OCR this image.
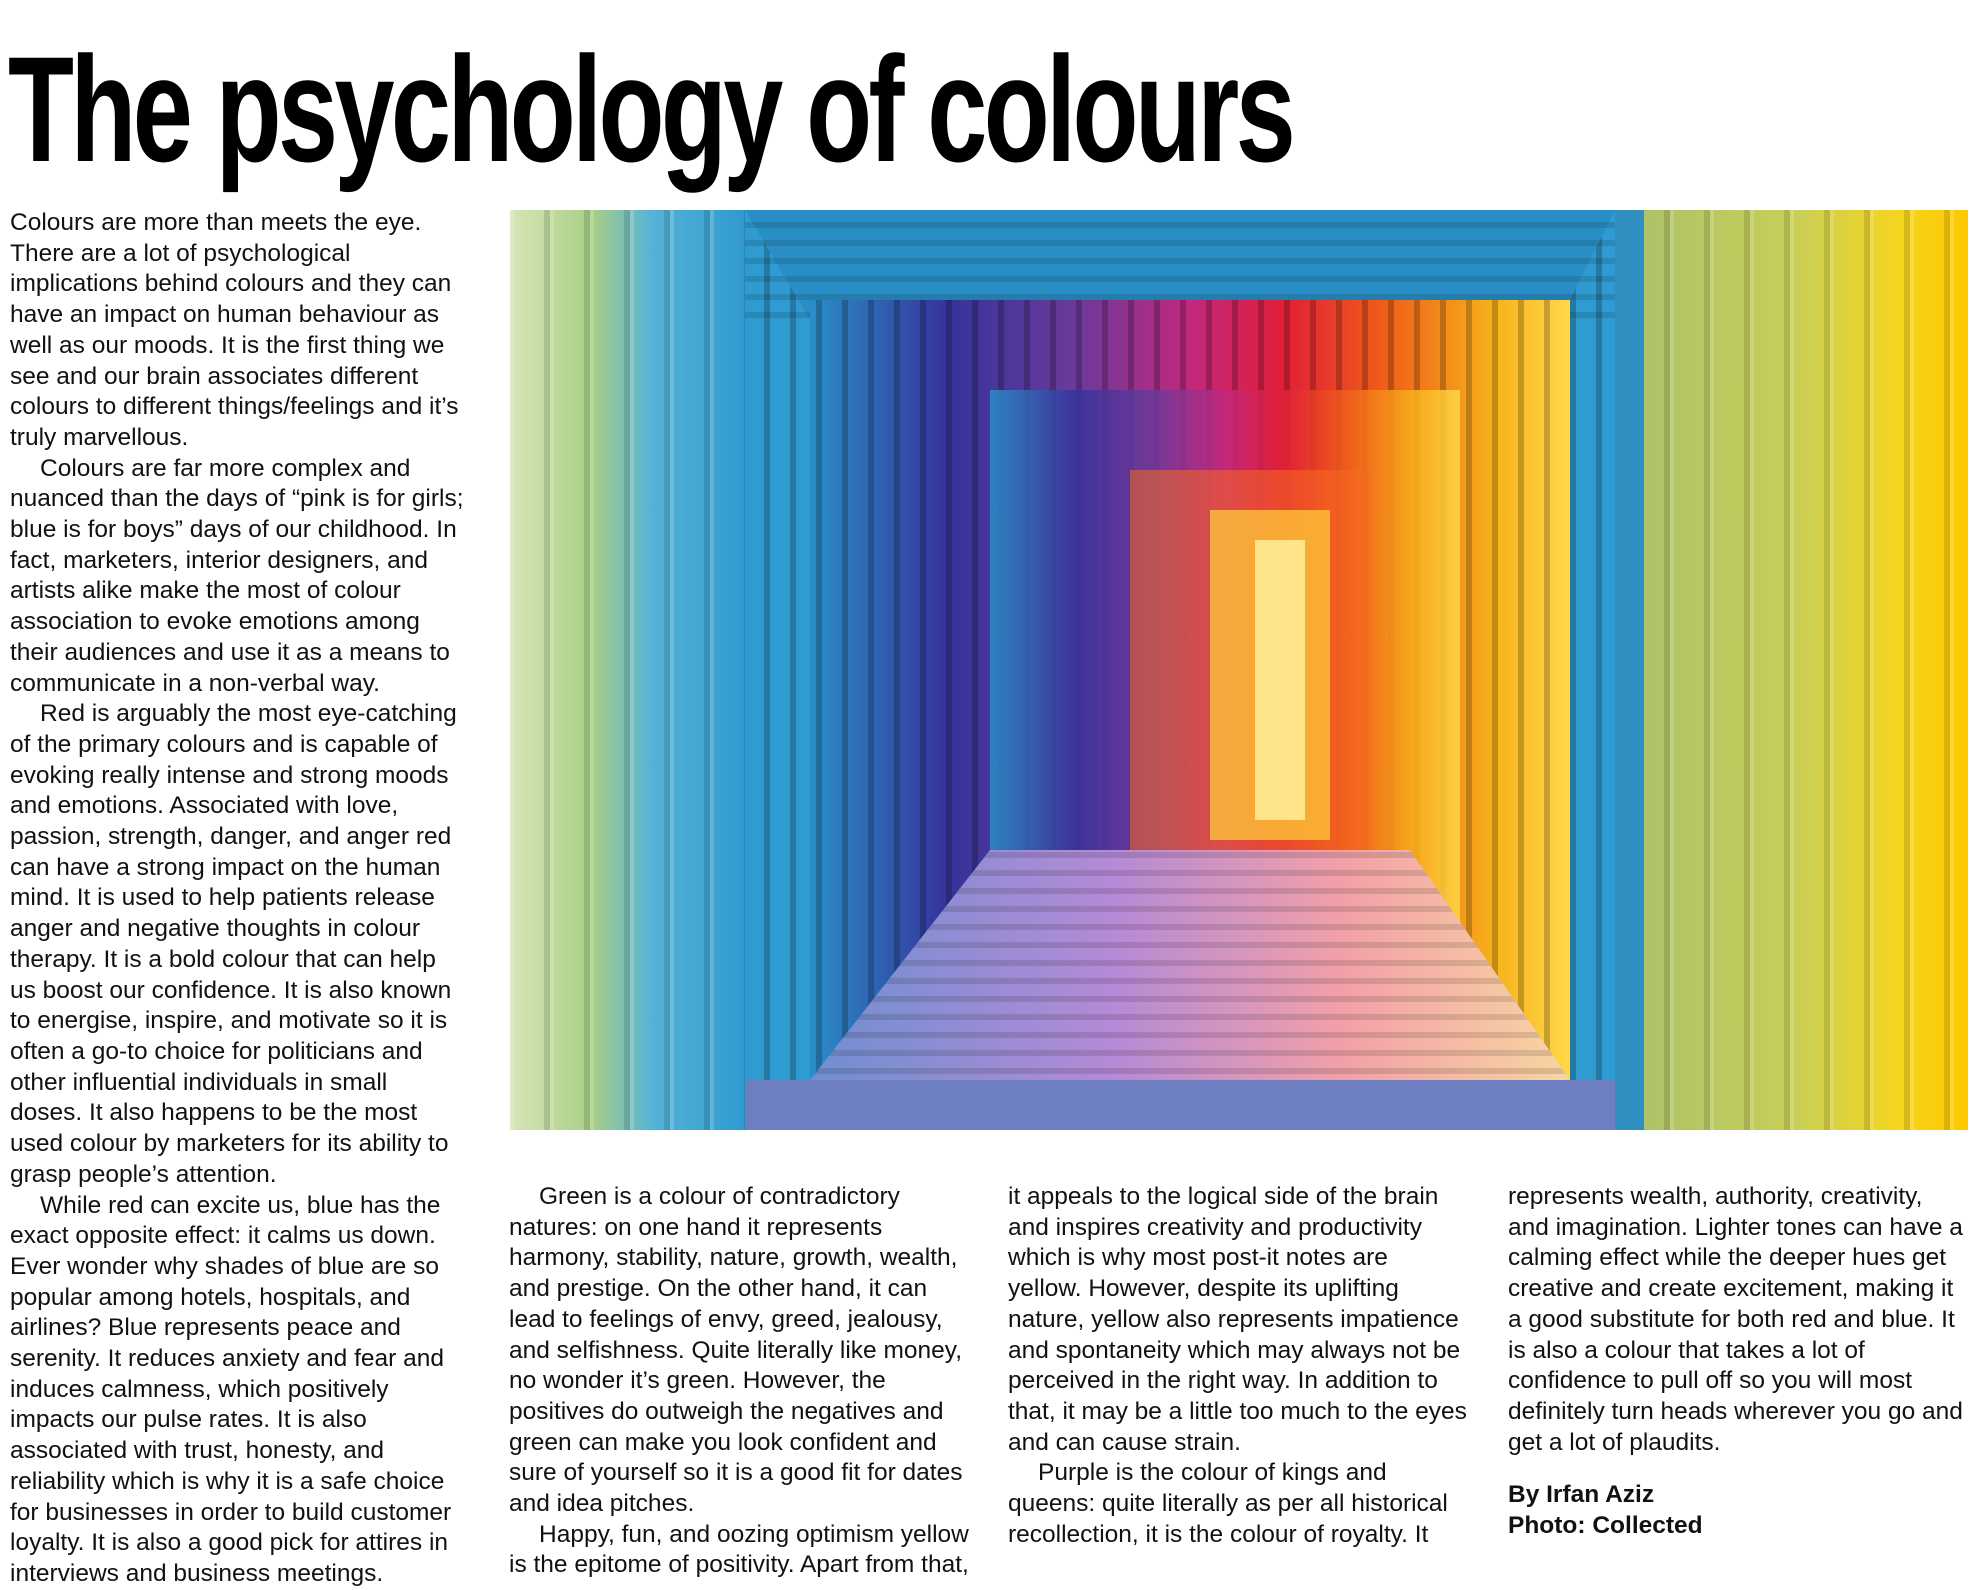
The psychology of colours

Colours are more than meets the eye. There are a lot of psychological implications behind colours and they can have an impact on human behaviour as well as our moods. It is the first thing we see and our brain associates different colours to different things/feelings and it’s truly marvellous.

Colours are far more complex and nuanced than the days of “pink is for girls; blue is for boys” days of our childhood. In fact, marketers, interior designers, and artists alike make the most of colour association to evoke emotions among their audiences and use it as a means to communicate in a non-verbal way.

Red is arguably the most eye-catching of the primary colours and is capable of evoking really intense and strong moods and emotions. Associated with love, passion, strength, danger, and anger red can have a strong impact on the human mind. It is used to help patients release anger and negative thoughts in colour therapy. It is a bold colour that can help us boost our confidence. It is also known to energise, inspire, and motivate so it is often a go-to choice for politicians and other influential individuals in small doses. It also happens to be the most used colour by marketers for its ability to grasp people’s attention.

While red can excite us, blue has the exact opposite effect: it calms us down. Ever wonder why shades of blue are so popular among hotels, hospitals, and airlines? Blue represents peace and serenity. It reduces anxiety and fear and induces calmness, which positively impacts our pulse rates. It is also associated with trust, honesty, and reliability which is why it is a safe choice for businesses in order to build customer loyalty. It is also a good pick for attires in interviews and business meetings.

Green is a colour of contradictory natures: on one hand it represents harmony, stability, nature, growth, wealth, and prestige. On the other hand, it can lead to feelings of envy, greed, jealousy, and selfishness. Quite literally like money, no wonder it’s green. However, the positives do outweigh the negatives and green can make you look confident and sure of yourself so it is a good fit for dates and idea pitches.

Happy, fun, and oozing optimism yellow is the epitome of positivity. Apart from that,

it appeals to the logical side of the brain and inspires creativity and productivity which is why most post-it notes are yellow. However, despite its uplifting nature, yellow also represents impatience and spontaneity which may always not be perceived in the right way. In addition to that, it may be a little too much to the eyes and can cause strain.

Purple is the colour of kings and queens: quite literally as per all historical recollection, it is the colour of royalty. It

represents wealth, authority, creativity, and imagination. Lighter tones can have a calming effect while the deeper hues get creative and create excitement, making it a good substitute for both red and blue. It is also a colour that takes a lot of confidence to pull off so you will most definitely turn heads wherever you go and get a lot of plaudits.

By Irfan Aziz

Photo: Collected
